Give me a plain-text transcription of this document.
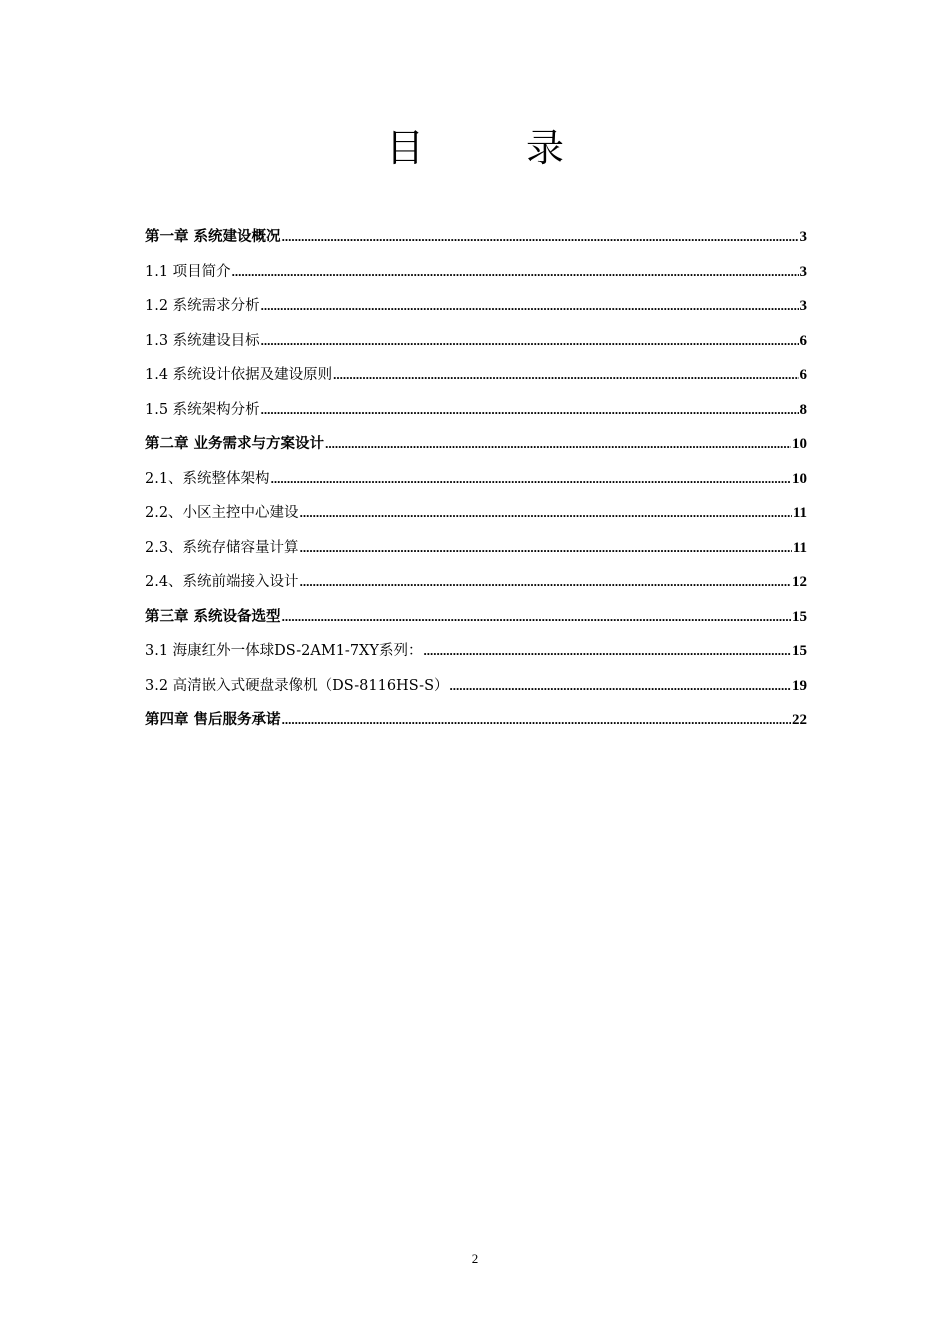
目　录
第一章 系统建设概况 .....	3
1.1 项目简介 .....	3
1.2 系统需求分析 .....	3
1.3 系统建设目标 .....	6
1.4 系统设计依据及建设原则 .....	6
1.5 系统架构分析 .....	8
第二章 业务需求与方案设计 .....	10
2.1、系统整体架构 .....	10
2.2、小区主控中心建设 .....	11
2.3、系统存储容量计算 .....	11
2.4、系统前端接入设计 .....	12
第三章 系统设备选型 .....	15
3.1 海康红外一体球DS-2AM1-7XY系列： .....	15
3.2 高清嵌入式硬盘录像机（DS-8116HS-S） .....	19
第四章 售后服务承诺 .....	22
2
